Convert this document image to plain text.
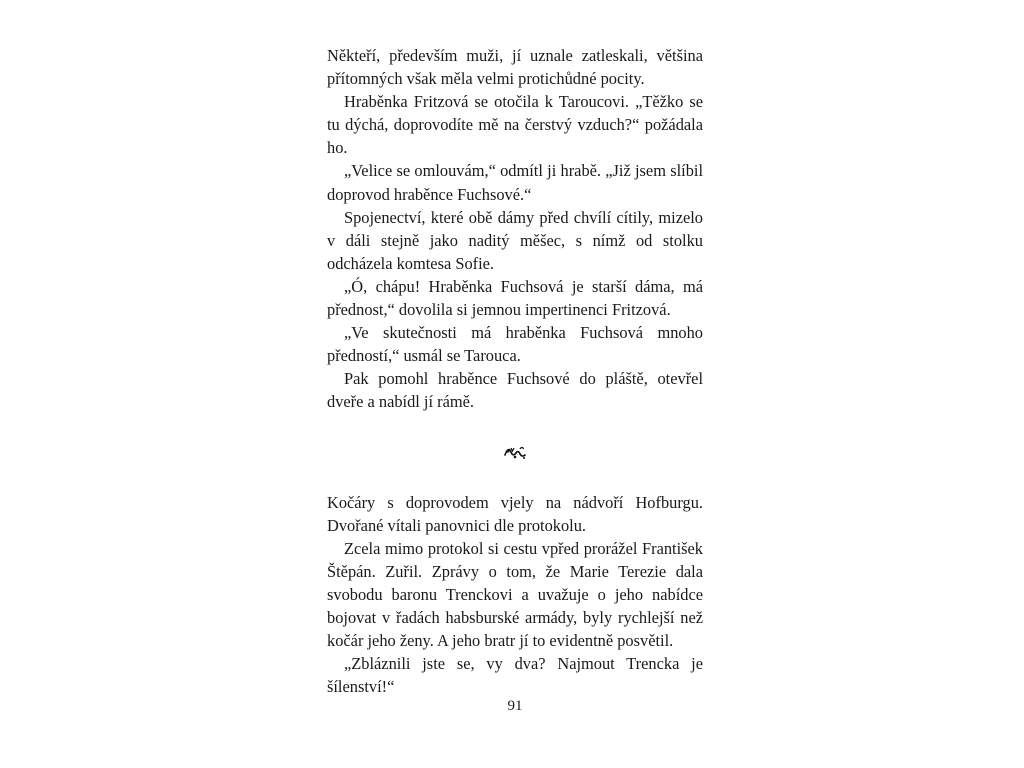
Někteří, především muži, jí uznale zatleskali, většina přítomných však měla velmi protichůdné pocity.

Hraběnka Fritzová se otočila k Taroucovi. „Těžko se tu dýchá, doprovodíte mě na čerstvý vzduch?“ požádala ho.

„Velice se omlouvám,“ odmítl ji hrabě. „Již jsem slíbil doprovod hraběnce Fuchsové.“

Spojenectví, které obě dámy před chvílí cítily, mizelo v dáli stejně jako naditý měšec, s nímž od stolku odcházela komtesa Sofie.

„Ó, chápu! Hraběnka Fuchsová je starší dáma, má přednost,“ dovolila si jemnou impertinenci Fritzová.

„Ve skutečnosti má hraběnka Fuchsová mnoho předností,“ usmál se Tarouca.

Pak pomohl hraběnce Fuchsové do pláště, otevřel dveře a nabídl jí rámě.

Kočáry s doprovodem vjely na nádvoří Hofburgu. Dvořané vítali panovnici dle protokolu.

Zcela mimo protokol si cestu vpřed prorážel František Štěpán. Zuřil. Zprávy o tom, že Marie Terezie dala svobodu baronu Trenckovi a uvažuje o jeho nabídce bojovat v řadách habsburské armády, byly rychlejší než kočár jeho ženy. A jeho bratr jí to evidentně posvětil.

„Zbláznili jste se, vy dva? Najmout Trencka je šílenství!“

91
